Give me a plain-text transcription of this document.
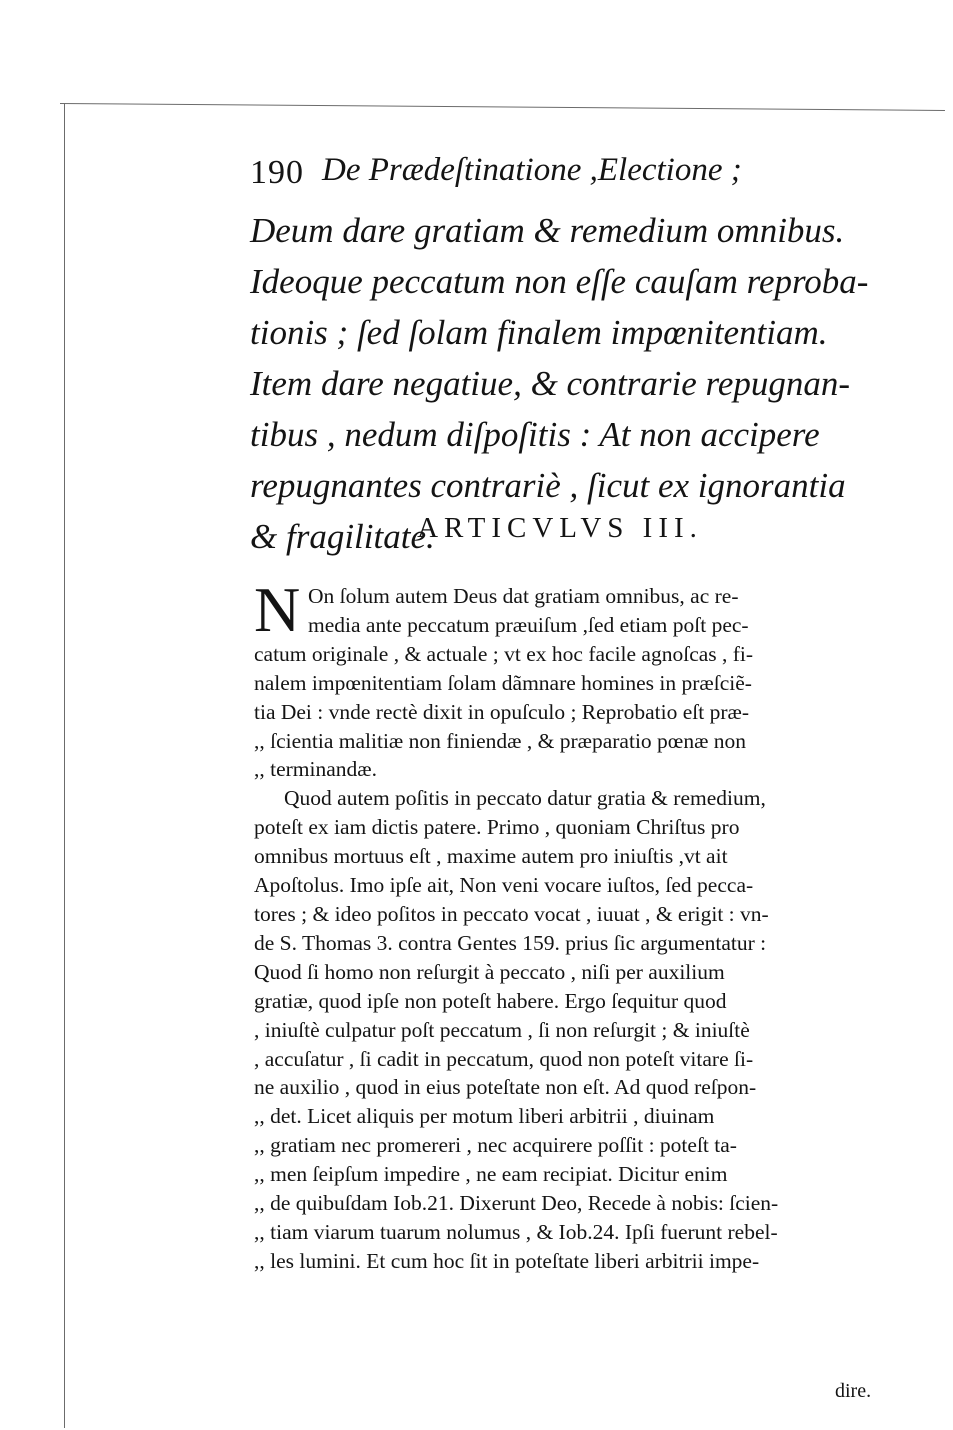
190 De Prædeſtinatione ,Electione ;
Deum dare gratiam & remedium omnibus.
Ideoque peccatum non eſſe cauſam reproba-
tionis ; ſed ſolam finalem impœnitentiam.
Item dare negatiue, & contrarie repugnan-
tibus , nedum diſpoſitis : At non accipere
repugnantes contrariè , ſicut ex ignorantia
& fragilitate.
ARTICVLVS III.
N On ſolum autem Deus dat gratiam omnibus, ac re-
media ante peccatum præuiſum ,ſed etiam poſt pec-
catum originale , & actuale ; vt ex hoc facile agnoſcas , fi-
nalem impœnitentiam ſolam dãmnare homines in præſciẽ-
tia Dei : vnde rectè dixit in opuſculo ; Reprobatio eſt præ-
,, ſcientia malitiæ non finiendæ , & præparatio pœnæ non
,, terminandæ.
Quod autem poſitis in peccato datur gratia & remedium,
poteſt ex iam dictis patere. Primo , quoniam Chriſtus pro
omnibus mortuus eſt , maxime autem pro iniuſtis ,vt ait
Apoſtolus. Imo ipſe ait, Non veni vocare iuſtos, ſed pecca-
tores ; & ideo poſitos in peccato vocat , iuuat , & erigit : vn-
de S. Thomas 3. contra Gentes 159. prius ſic argumentatur :
Quod ſi homo non reſurgit à peccato , niſi per auxilium
gratiæ, quod ipſe non poteſt habere. Ergo ſequitur quod
, iniuſtè culpatur poſt peccatum , ſi non reſurgit ; & iniuſtè
, accuſatur , ſi cadit in peccatum, quod non poteſt vitare ſi-
ne auxilio , quod in eius poteſtate non eſt. Ad quod reſpon-
,, det. Licet aliquis per motum liberi arbitrii , diuinam
,, gratiam nec promereri , nec acquirere poſſit : poteſt ta-
,, men ſeipſum impedire , ne eam recipiat. Dicitur enim
,, de quibuſdam Iob.21. Dixerunt Deo, Recede à nobis: ſcien-
,, tiam viarum tuarum nolumus , & Iob.24. Ipſi fuerunt rebel-
,, les lumini. Et cum hoc ſit in poteſtate liberi arbitrii impe-
dire.
